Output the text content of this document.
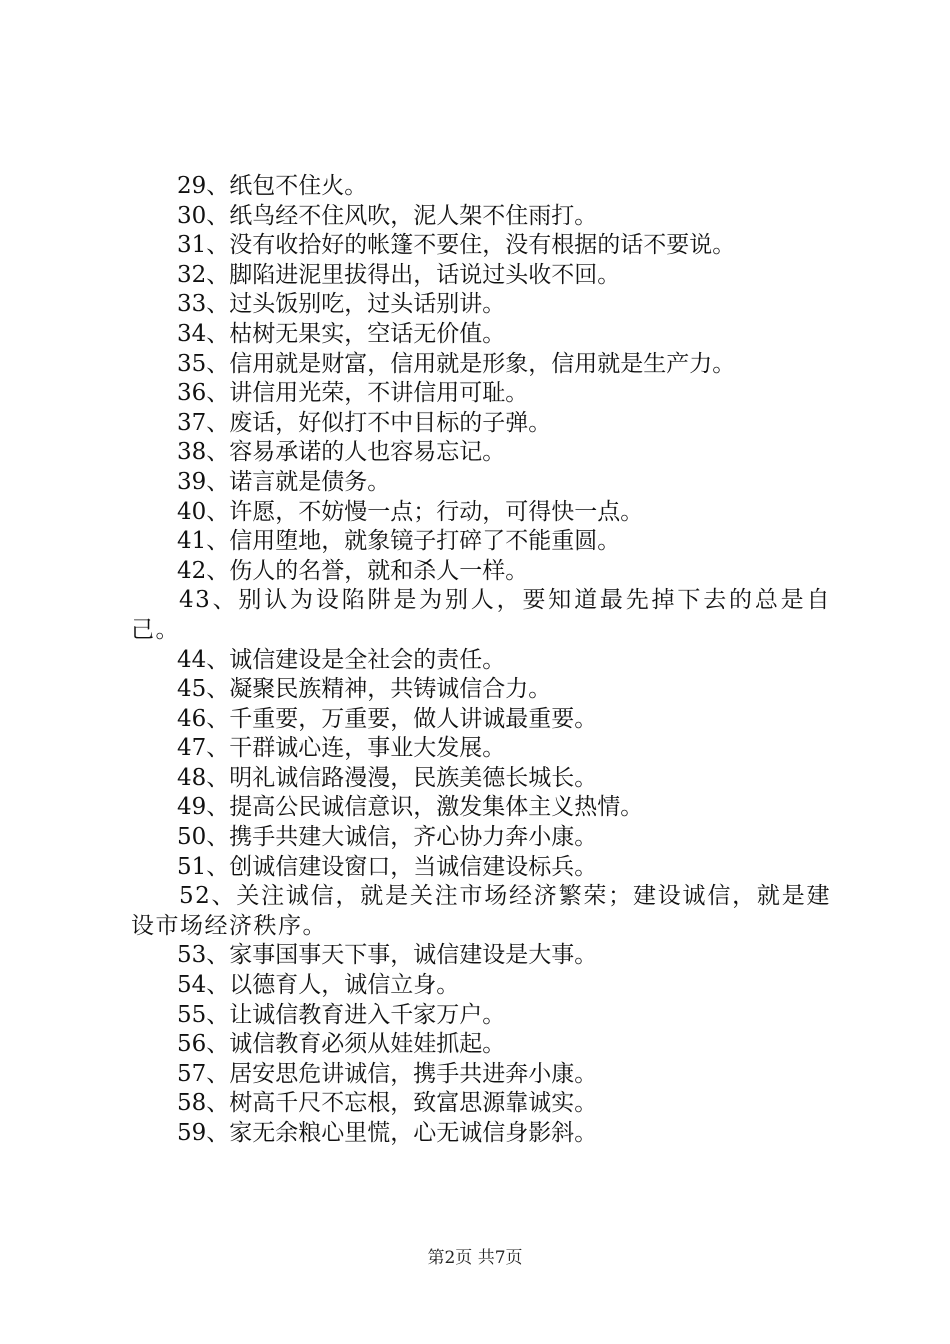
29、纸包不住火。
30、纸鸟经不住风吹，泥人架不住雨打。
31、没有收拾好的帐篷不要住，没有根据的话不要说。
32、脚陷进泥里拔得出，话说过头收不回。
33、过头饭别吃，过头话别讲。
34、枯树无果实，空话无价值。
35、信用就是财富，信用就是形象，信用就是生产力。
36、讲信用光荣，不讲信用可耻。
37、废话，好似打不中目标的子弹。
38、容易承诺的人也容易忘记。
39、诺言就是债务。
40、许愿，不妨慢一点；行动，可得快一点。
41、信用堕地，就象镜子打碎了不能重圆。
42、伤人的名誉，就和杀人一样。
43、别认为设陷阱是为别人，要知道最先掉下去的总是自己。
44、诚信建设是全社会的责任。
45、凝聚民族精神，共铸诚信合力。
46、千重要，万重要，做人讲诚最重要。
47、干群诚心连，事业大发展。
48、明礼诚信路漫漫，民族美德长城长。
49、提高公民诚信意识，激发集体主义热情。
50、携手共建大诚信，齐心协力奔小康。
51、创诚信建设窗口，当诚信建设标兵。
52、关注诚信，就是关注市场经济繁荣；建设诚信，就是建设市场经济秩序。
53、家事国事天下事，诚信建设是大事。
54、以德育人，诚信立身。
55、让诚信教育进入千家万户。
56、诚信教育必须从娃娃抓起。
57、居安思危讲诚信，携手共进奔小康。
58、树高千尺不忘根，致富思源靠诚实。
59、家无余粮心里慌，心无诚信身影斜。
第2页 共7页
